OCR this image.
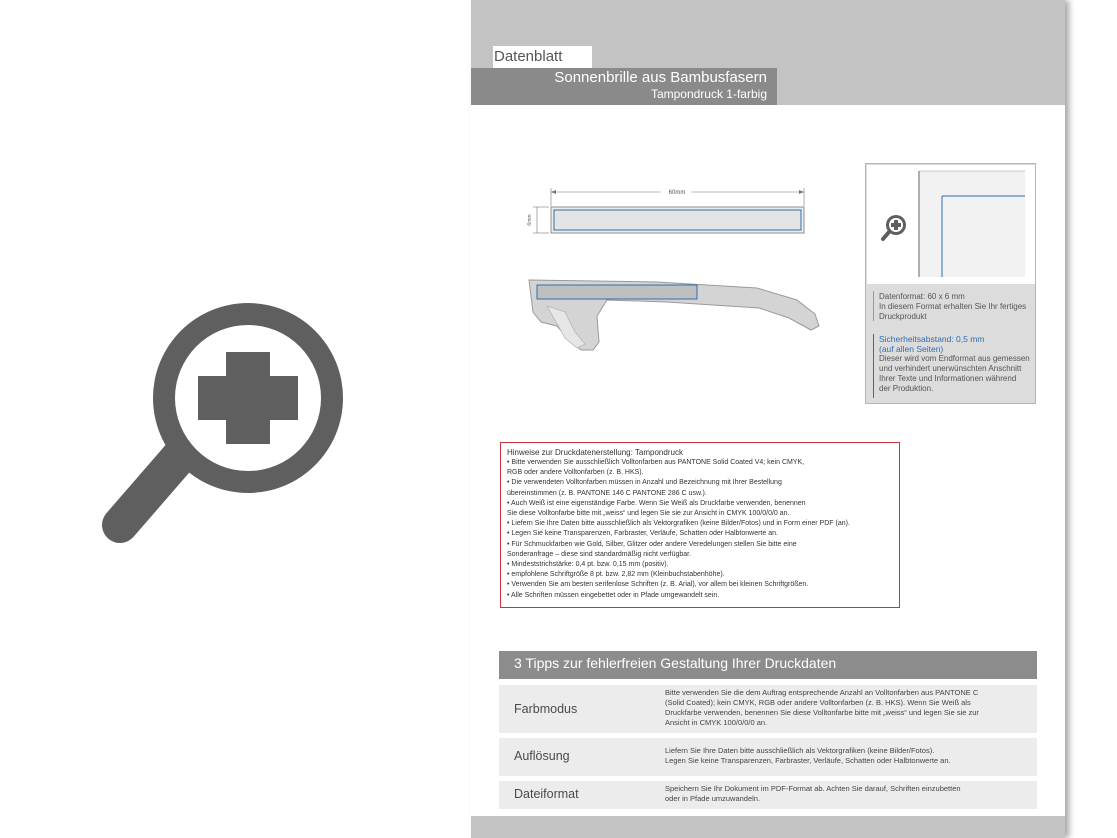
Datenblatt
Sonnenbrille aus Bambusfasern
Tampondruck 1-farbig
60mm
6mm
Datenformat: 60 x 6 mm
In diesem Format erhalten Sie Ihr fertiges
Druckprodukt
Sicherheitsabstand: 0,5 mm
(auf allen Seiten)
Dieser wird vom Endformat aus gemessen
und verhindert unerwünschten Anschnitt
Ihrer Texte und Informationen während
der Produktion.
Hinweise zur Druckdatenerstellung: Tampondruck
• Bitte verwenden Sie ausschließlich Volltonfarben aus PANTONE Solid Coated V4; kein CMYK,
RGB oder andere Volltonfarben (z. B. HKS).
• Die verwendeten Volltonfarben müssen in Anzahl und Bezeichnung mit Ihrer Bestellung
übereinstimmen (z. B. PANTONE 146 C PANTONE 286 C usw.).
• Auch Weiß ist eine eigenständige Farbe. Wenn Sie Weiß als Druckfarbe verwenden, benennen
Sie diese Volltonfarbe bitte mit „weiss“ und legen Sie sie zur Ansicht in CMYK 100/0/0/0 an.
• Liefern Sie Ihre Daten bitte ausschließlich als Vektorgrafiken (keine Bilder/Fotos) und in Form einer PDF (an).
• Legen Sie keine Transparenzen, Farbraster, Verläufe, Schatten oder Halbtonwerte an.
• Für Schmuckfarben wie Gold, Silber, Glitzer oder andere Veredelungen stellen Sie bitte eine
Sonderanfrage – diese sind standardmäßig nicht verfügbar.
• Mindeststrichstärke: 0,4 pt. bzw. 0,15 mm (positiv).
• empfohlene Schriftgröße 8 pt. bzw. 2,82 mm (Kleinbuchstabenhöhe).
• Verwenden Sie am besten serifenlose Schriften (z. B. Arial), vor allem bei kleinen Schriftgrößen.
• Alle Schriften müssen eingebettet oder in Pfade umgewandelt sein.
3 Tipps zur fehlerfreien Gestaltung Ihrer Druckdaten
Farbmodus
Bitte verwenden Sie die dem Auftrag entsprechende Anzahl an Volltonfarben aus PANTONE C
(Solid Coated); kein CMYK, RGB oder andere Volltonfarben (z. B. HKS). Wenn Sie Weiß als
Druckfarbe verwenden, benennen Sie diese Volltonfarbe bitte mit „weiss“ und legen Sie sie zur
Ansicht in CMYK 100/0/0/0 an.
Auflösung	Liefern Sie Ihre Daten bitte ausschließlich als Vektorgrafiken (keine Bilder/Fotos).
Legen Sie keine Transparenzen, Farbraster, Verläufe, Schatten oder Halbtonwerte an.
Dateiformat	Speichern Sie Ihr Dokument im PDF-Format ab. Achten Sie darauf, Schriften einzubetten
oder in Pfade umzuwandeln.
